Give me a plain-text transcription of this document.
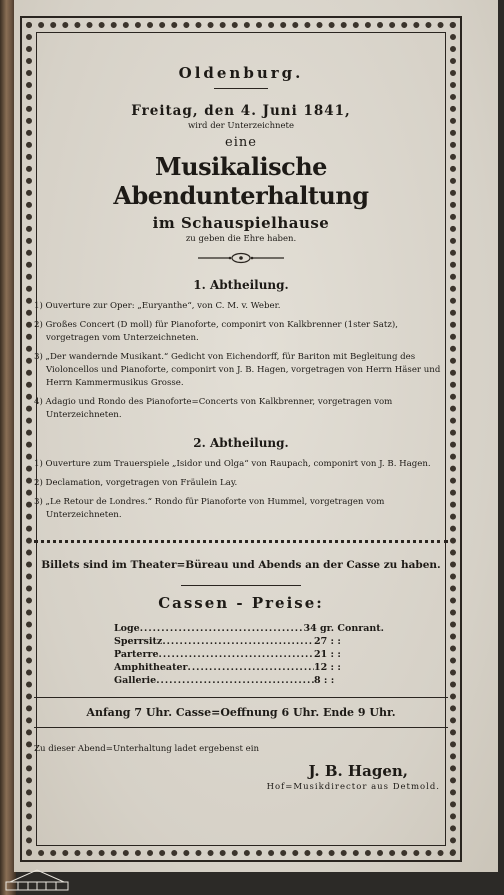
Oldenburg.
Freitag, den 4. Juni 1841,
wird der Unterzeichnete
eine
Musikalische Abendunterhaltung
im Schauspielhause
zu geben die Ehre haben.
1. Abtheilung.
1) Ouverture zur Oper: „Euryanthe“, von C. M. v. Weber.
2) Großes Concert (D moll) für Pianoforte, componirt von Kalkbrenner (1ster Satz), vorgetragen vom Unterzeichneten.
3) „Der wandernde Musikant.“ Gedicht von Eichendorff, für Bariton mit Begleitung des Violoncellos und Pianoforte, componirt von J. B. Hagen, vorgetragen von Herrn Häser und Herrn Kammermusikus Grosse.
4) Adagio und Rondo des Pianoforte=Concerts von Kalkbrenner, vorgetragen vom Unterzeichneten.
2. Abtheilung.
1) Ouverture zum Trauerspiele „Isidor und Olga“ von Raupach, componirt von J. B. Hagen.
2) Declamation, vorgetragen von Fräulein Lay.
3) „Le Retour de Londres.“ Rondo für Pianoforte von Hummel, vorgetragen vom Unterzeichneten.
Billets sind im Theater=Büreau und Abends an der Casse zu haben.
Cassen - Preise:
Loge .....	34 gr. Conrant.
Sperrsitz .....	27 : :
Parterre .....	21 : :
Amphitheater .....	12 : :
Gallerie .....	8 : :
Anfang 7 Uhr. Casse=Oeffnung 6 Uhr. Ende 9 Uhr.
Zu dieser Abend=Unterhaltung ladet ergebenst ein
J. B. Hagen,
Hof=Musikdirector aus Detmold.
